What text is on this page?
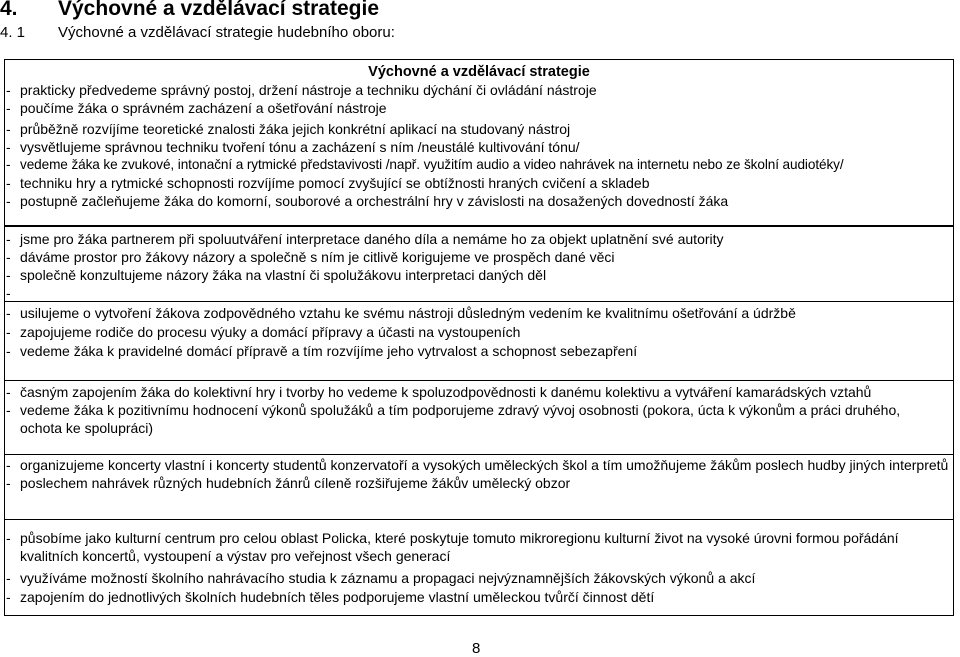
4. Výchovné a vzdělávací strategie
4. 1 Výchovné a vzdělávací strategie hudebního oboru:
Výchovné a vzdělávací strategie
- prakticky předvedeme správný postoj, držení nástroje a techniku dýchání či ovládání nástroje
- poučíme žáka o správném zacházení a ošetřování nástroje
- průběžně rozvíjíme teoretické znalosti žáka jejich konkrétní aplikací na studovaný nástroj
- vysvětlujeme správnou techniku tvoření tónu a zacházení s ním /neustálé kultivování tónu/
- vedeme žáka ke zvukové, intonační a rytmické představivosti /např. využitím audio a video nahrávek na internetu nebo ze školní audiotéky/
- techniku hry a rytmické schopnosti rozvíjíme pomocí zvyšující se obtížnosti hraných cvičení a skladeb
- postupně začleňujeme žáka do komorní, souborové a orchestrální hry v závislosti na dosažených dovedností žáka
- jsme pro žáka partnerem při spoluutváření interpretace daného díla a nemáme ho za objekt uplatnění své autority
- dáváme prostor pro žákovy názory a společně s ním je citlivě korigujeme ve prospěch dané věci
- společně konzultujeme názory žáka na vlastní či spolužákovu interpretaci daných děl
-
- usilujeme o vytvoření žákova zodpovědného vztahu ke svému nástroji důsledným vedením ke kvalitnímu ošetřování a údržbě
- zapojujeme rodiče do procesu výuky a domácí přípravy a účasti na vystoupeních
- vedeme žáka k pravidelné domácí přípravě a tím rozvíjíme jeho vytrvalost a schopnost sebezapření
- časným zapojením žáka do kolektivní hry i tvorby ho vedeme k spoluzodpovědnosti k danému kolektivu a vytváření kamarádských vztahů
- vedeme žáka k pozitivnímu hodnocení výkonů spolužáků a tím podporujeme zdravý vývoj osobnosti (pokora, úcta k výkonům a práci druhého, ochota ke spolupráci)
- organizujeme koncerty vlastní i koncerty studentů konzervatoří a vysokých uměleckých škol a tím umožňujeme žákům poslech hudby jiných interpretů
- poslechem nahrávek různých hudebních žánrů cíleně rozšiřujeme žákův umělecký obzor
- působíme jako kulturní centrum pro celou oblast Policka, které poskytuje tomuto mikroregionu kulturní život na vysoké úrovni formou pořádání kvalitních koncertů, vystoupení a výstav pro veřejnost všech generací
- využíváme možností školního nahrávacího studia k záznamu a propagaci nejvýznamnějších žákovských výkonů a akcí
- zapojením do jednotlivých školních hudebních těles podporujeme vlastní uměleckou tvůrčí činnost dětí
8
